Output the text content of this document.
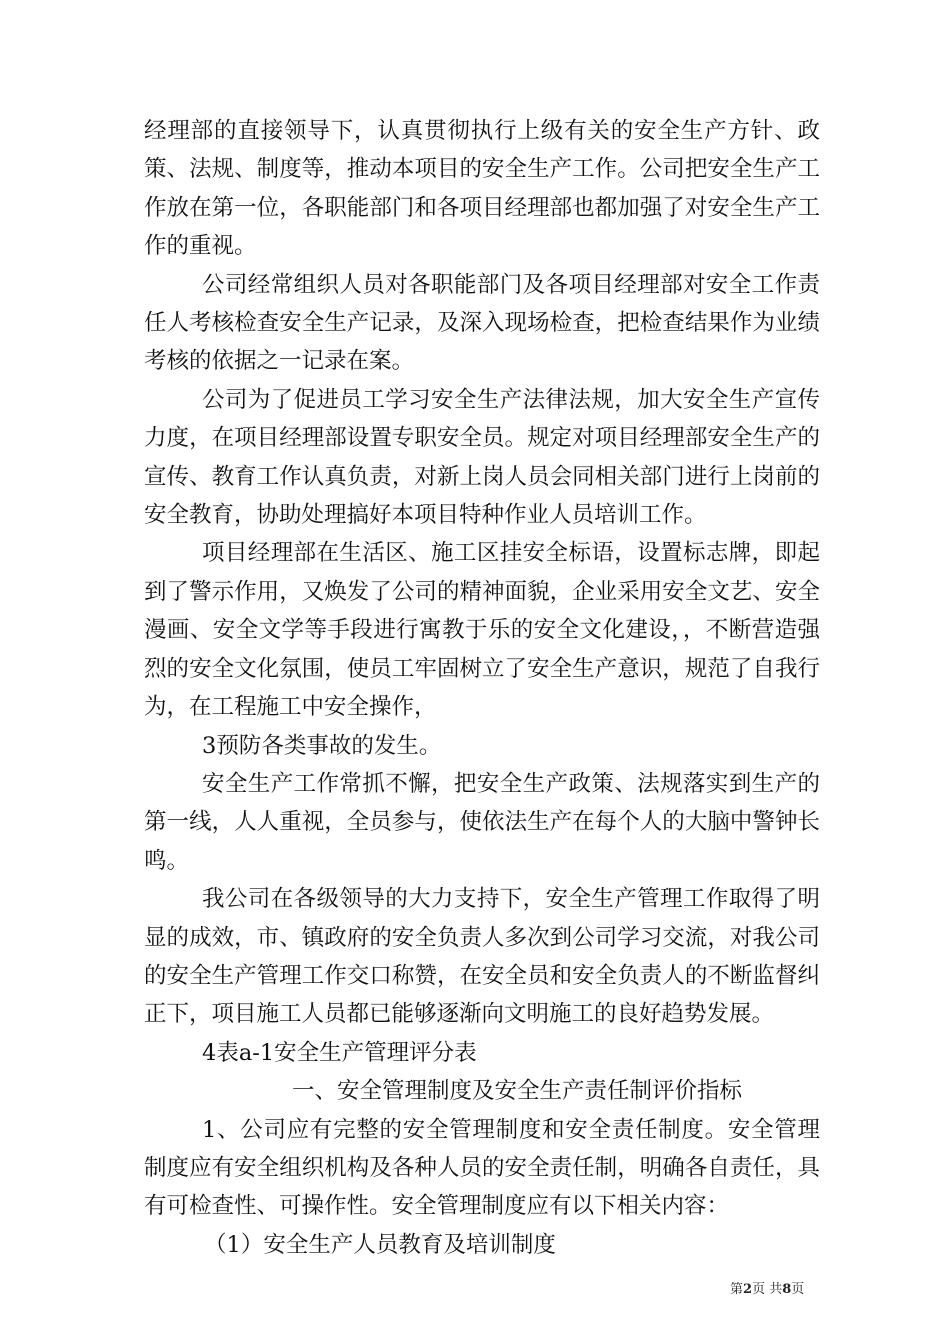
经理部的直接领导下，认真贯彻执行上级有关的安全生产方针、政策、法规、制度等，推动本项目的安全生产工作。公司把安全生产工作放在第一位，各职能部门和各项目经理部也都加强了对安全生产工作的重视。

公司经常组织人员对各职能部门及各项目经理部对安全工作责任人考核检查安全生产记录，及深入现场检查，把检查结果作为业绩考核的依据之一记录在案。

公司为了促进员工学习安全生产法律法规，加大安全生产宣传力度，在项目经理部设置专职安全员。规定对项目经理部安全生产的宣传、教育工作认真负责，对新上岗人员会同相关部门进行上岗前的安全教育，协助处理搞好本项目特种作业人员培训工作。

项目经理部在生活区、施工区挂安全标语，设置标志牌，即起到了警示作用，又焕发了公司的精神面貌，企业采用安全文艺、安全漫画、安全文学等手段进行寓教于乐的安全文化建设，，不断营造强烈的安全文化氛围，使员工牢固树立了安全生产意识，规范了自我行为，在工程施工中安全操作，

3预防各类事故的发生。

安全生产工作常抓不懈，把安全生产政策、法规落实到生产的第一线，人人重视，全员参与，使依法生产在每个人的大脑中警钟长鸣。

我公司在各级领导的大力支持下，安全生产管理工作取得了明显的成效，市、镇政府的安全负责人多次到公司学习交流，对我公司的安全生产管理工作交口称赞，在安全员和安全负责人的不断监督纠正下，项目施工人员都已能够逐渐向文明施工的良好趋势发展。

4表a-1安全生产管理评分表

一、安全管理制度及安全生产责任制评价指标

1、公司应有完整的安全管理制度和安全责任制度。安全管理制度应有安全组织机构及各种人员的安全责任制，明确各自责任，具有可检查性、可操作性。安全管理制度应有以下相关内容：

（1）安全生产人员教育及培训制度

第2页 共8页
